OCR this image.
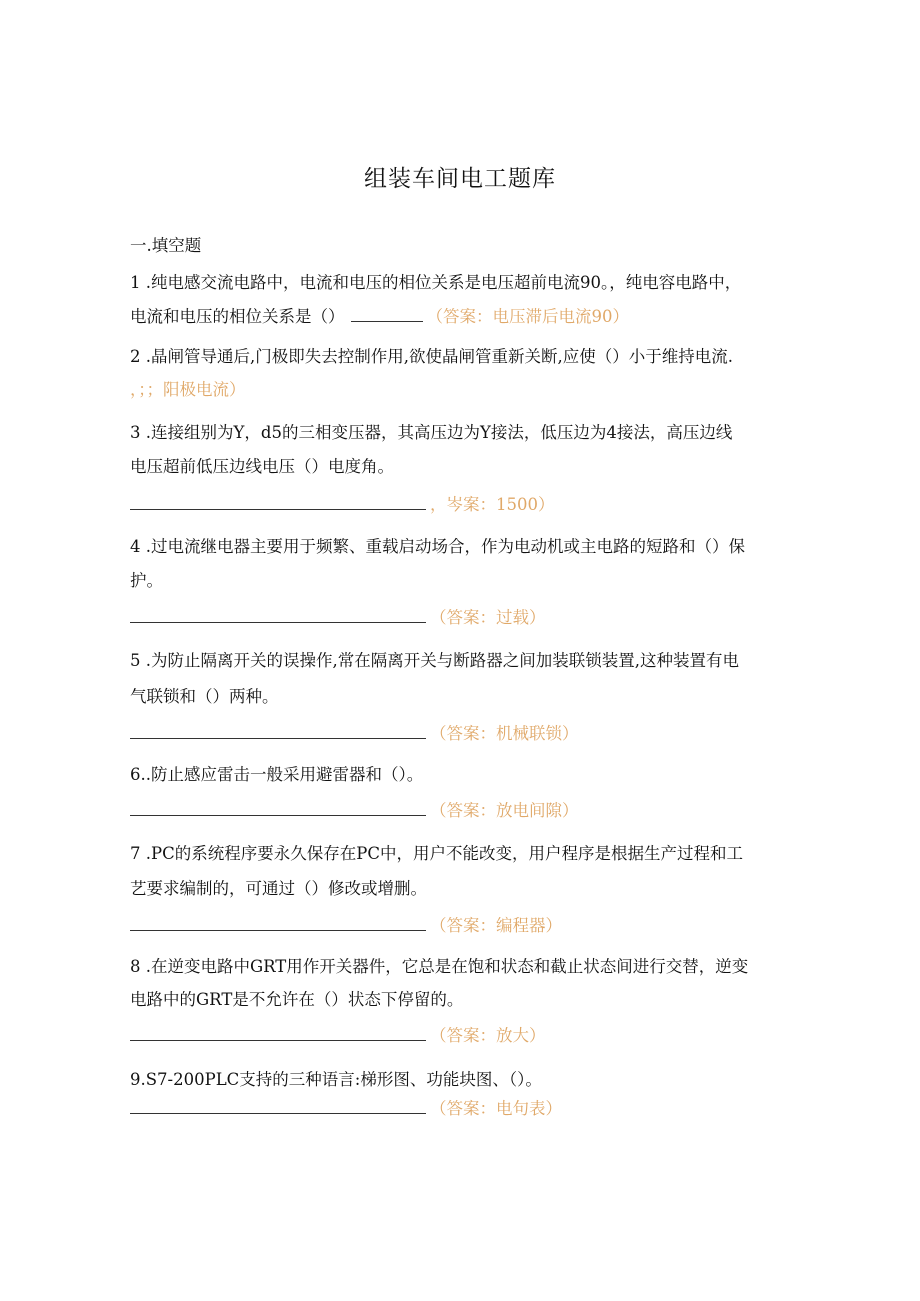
组装车间电工题库
一.填空题
1 .纯电感交流电路中，电流和电压的相位关系是电压超前电流90。，纯电容电路中，
电流和电压的相位关系是（）	（答案：电压滞后电流90）
2 .晶闸管导通后,门极即失去控制作用,欲使晶闸管重新关断,应使（）小于维持电流.
，；；阳极电流）
3 .连接组别为Y，d5的三相变压器，其高压边为Y接法，低压边为4接法，高压边线
电压超前低压边线电压（）电度角。
，岑案：1500）
4 .过电流继电器主要用于频繁、重载启动场合，作为电动机或主电路的短路和（）保
护。
（答案：过载）
5 .为防止隔离开关的误操作,常在隔离开关与断路器之间加装联锁装置,这种装置有电
气联锁和（）两种。
（答案：机械联锁）
6..防止感应雷击一般采用避雷器和（）。
（答案：放电间隙）
7 .PC的系统程序要永久保存在PC中，用户不能改变，用户程序是根据生产过程和工
艺要求编制的，可通过（）修改或增删。
（答案：编程器）
8 .在逆变电路中GRT用作开关器件，它总是在饱和状态和截止状态间进行交替，逆变
电路中的GRT是不允许在（）状态下停留的。
（答案：放大）
9.S7-200PLC支持的三种语言:梯形图、功能块图、（）。
（答案：电句表）
